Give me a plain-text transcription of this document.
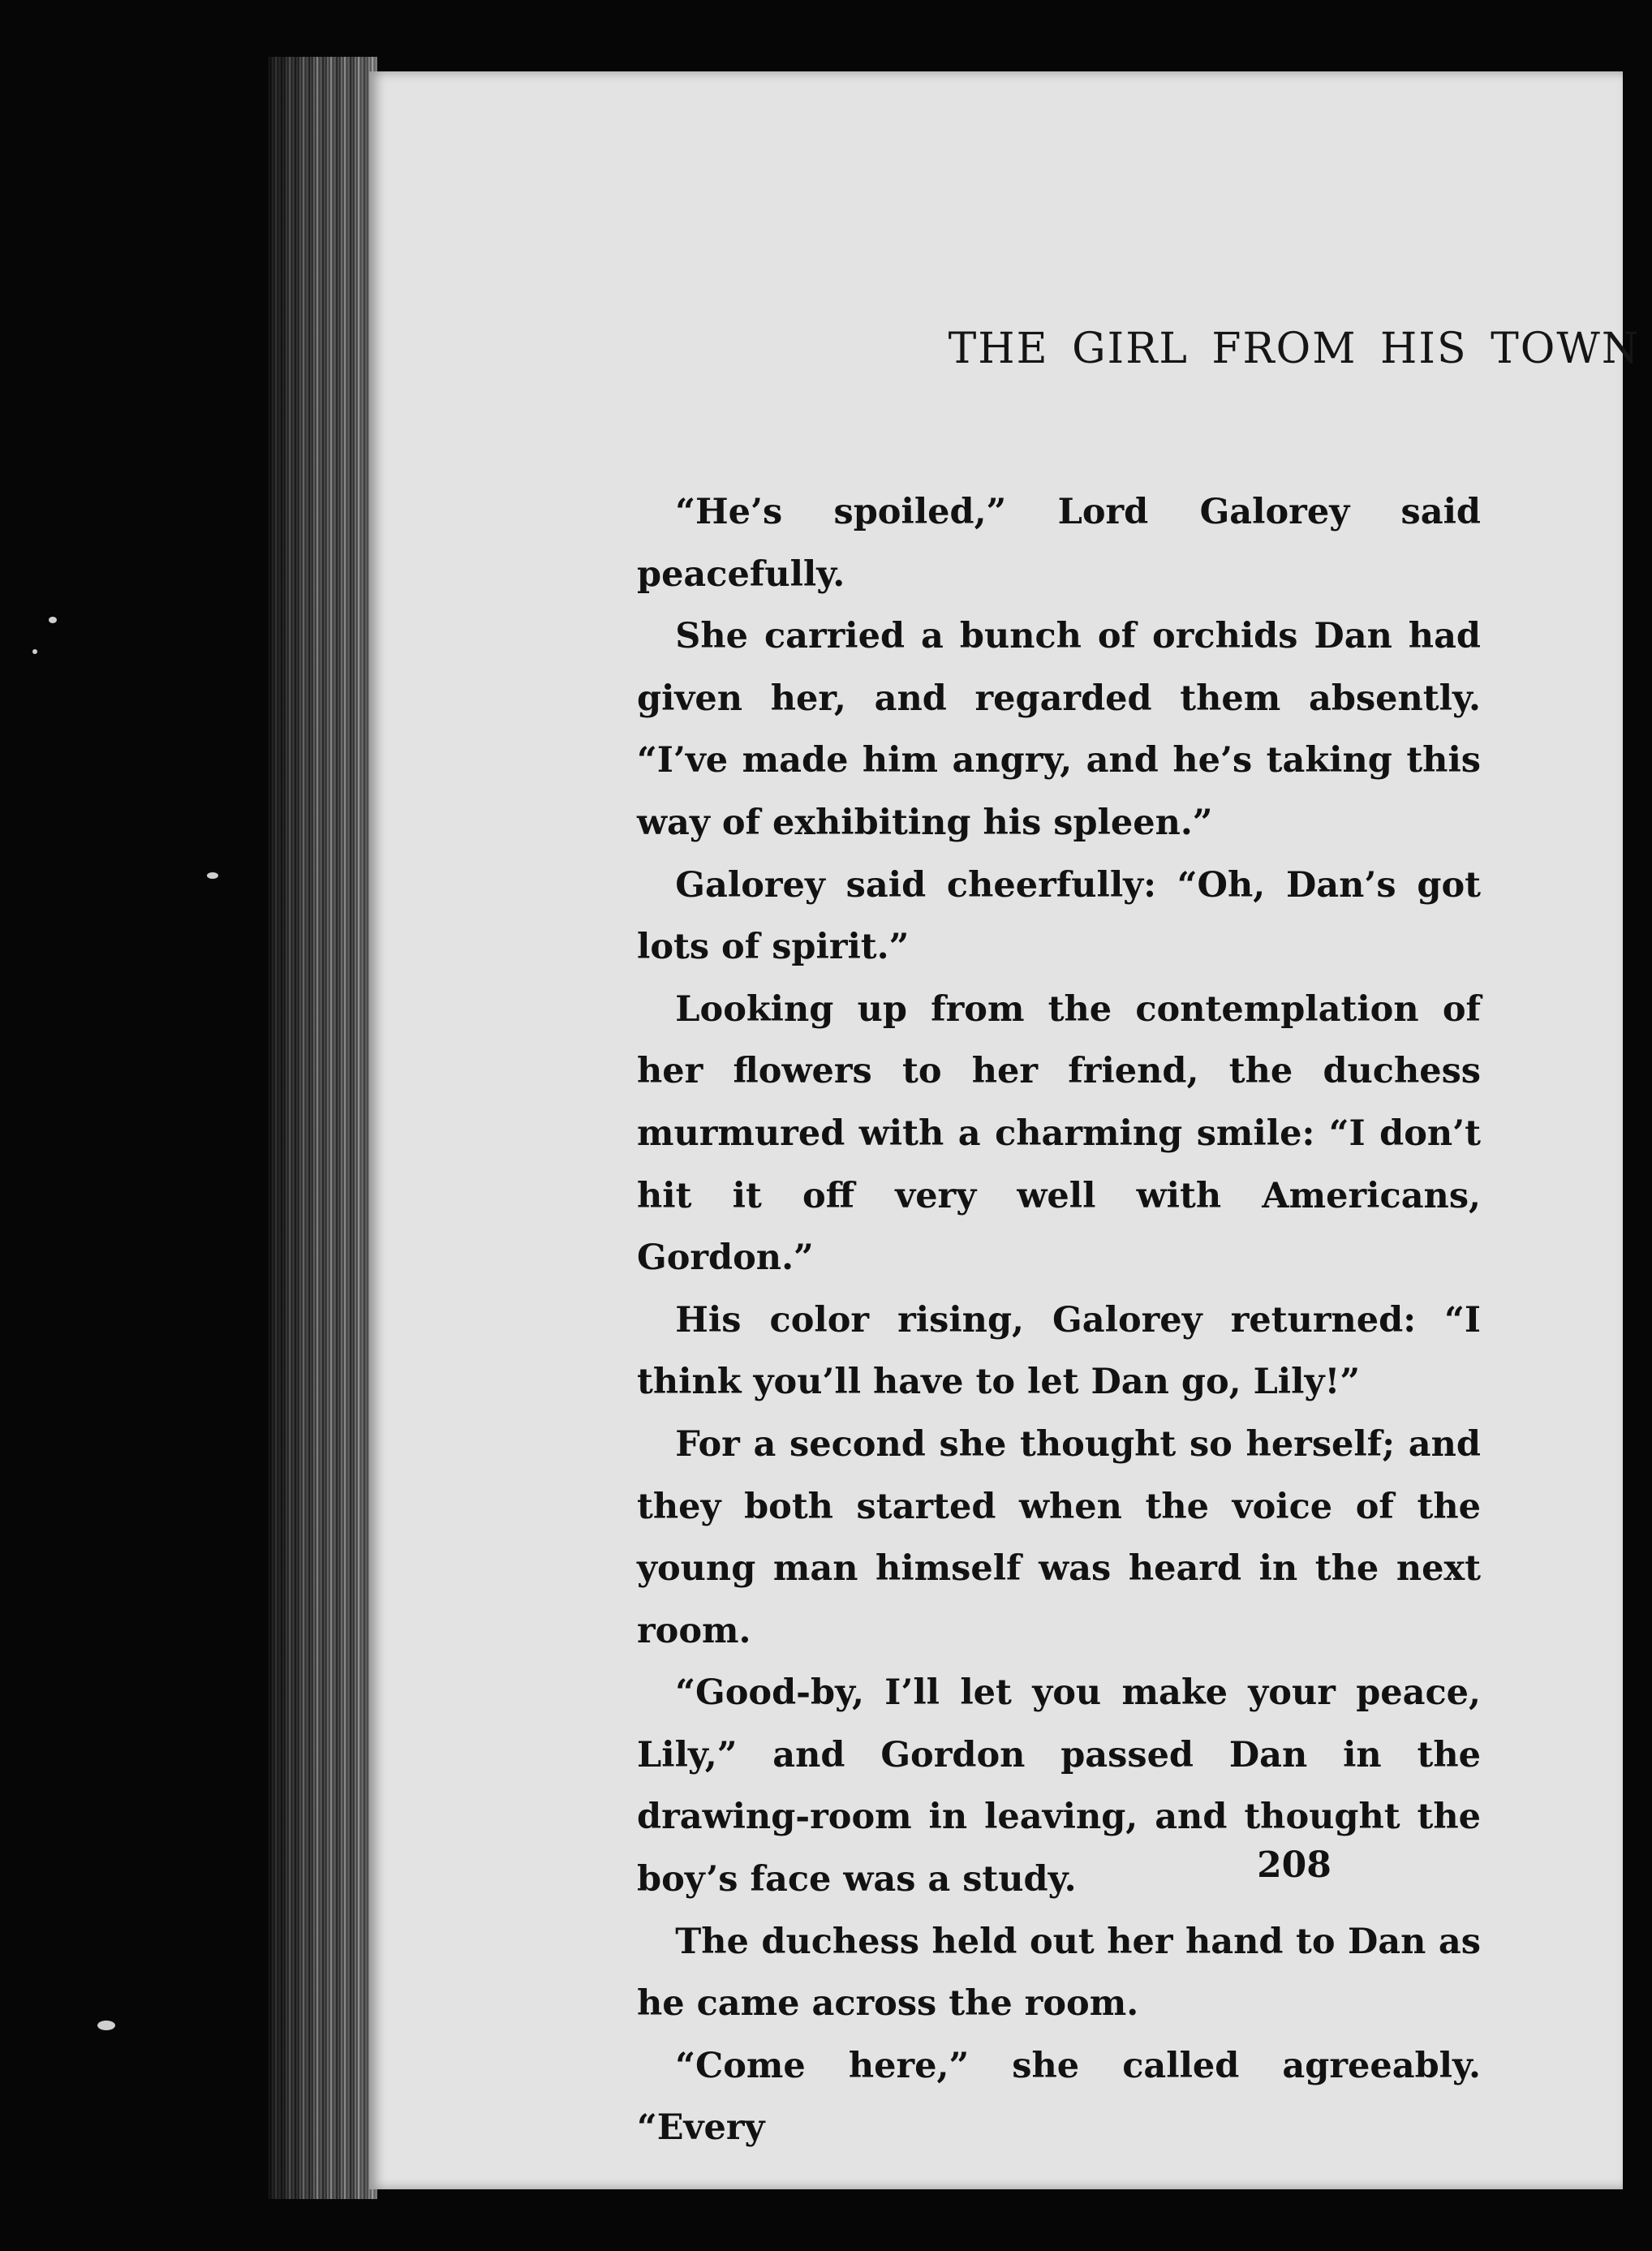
THE GIRL FROM HIS TOWN

“He’s spoiled,” Lord Galorey said peacefully.

She carried a bunch of orchids Dan had given her, and regarded them absently. “I’ve made him angry, and he’s taking this way of exhibiting his spleen.”

Galorey said cheerfully: “Oh, Dan’s got lots of spirit.”

Looking up from the contemplation of her flowers to her friend, the duchess murmured with a charming smile: “I don’t hit it off very well with Americans, Gordon.”

His color rising, Galorey returned: “I think you’ll have to let Dan go, Lily!”

For a second she thought so herself; and they both started when the voice of the young man himself was heard in the next room.

“Good-by, I’ll let you make your peace, Lily,” and Gordon passed Dan in the drawing-room in leaving, and thought the boy’s face was a study.

The duchess held out her hand to Dan as he came across the room.

“Come here,” she called agreeably. “Every

208
